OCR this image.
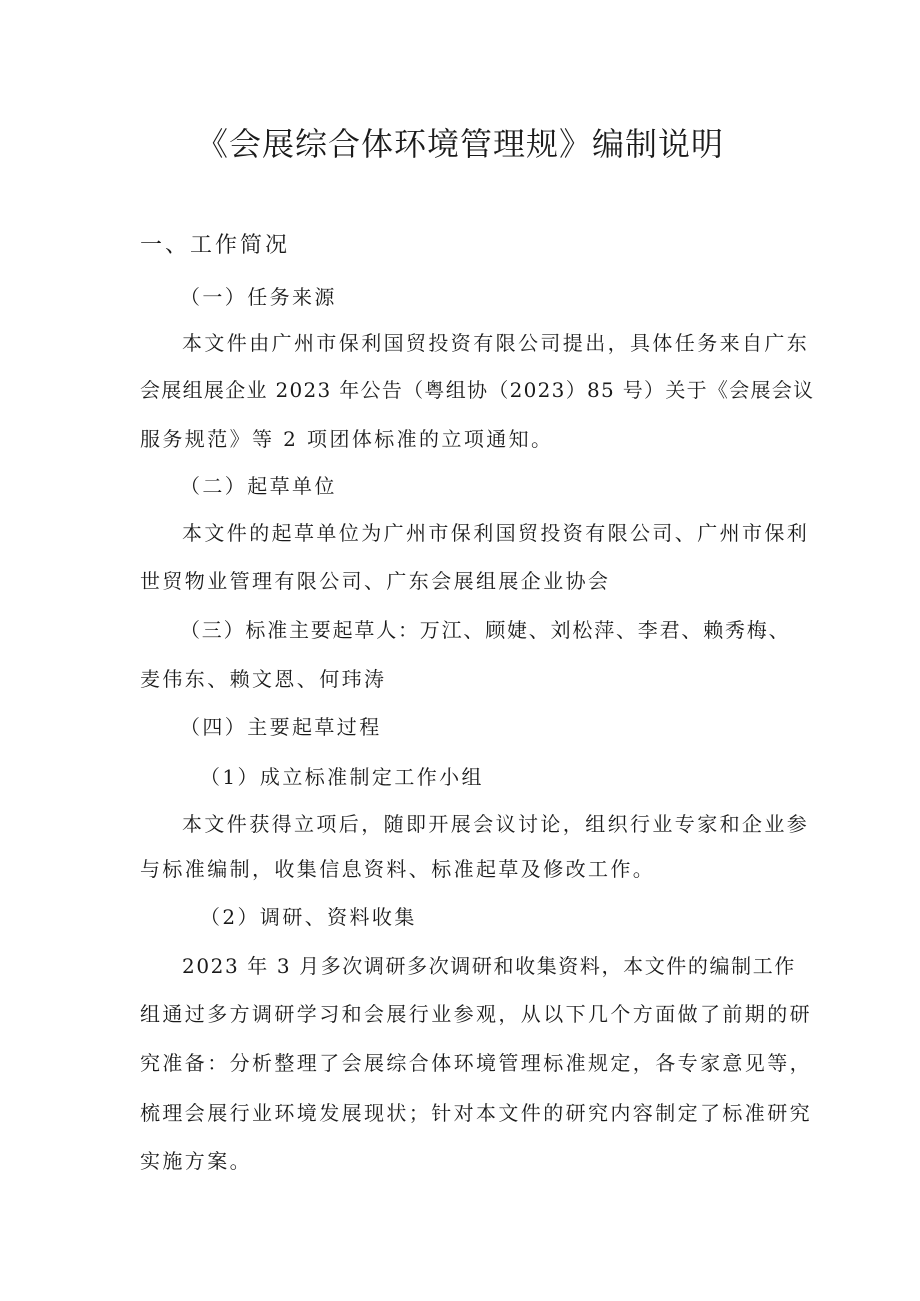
《会展综合体环境管理规》编制说明
一、工作简况
（一）任务来源
本文件由广州市保利国贸投资有限公司提出，具体任务来自广东
会展组展企业 2023 年公告（粤组协（2023）85 号）关于《会展会议
服务规范》等 2 项团体标准的立项通知。
（二）起草单位
本文件的起草单位为广州市保利国贸投资有限公司、广州市保利
世贸物业管理有限公司、广东会展组展企业协会
（三）标准主要起草人：万江、顾婕、刘松萍、李君、赖秀梅、
麦伟东、赖文恩、何玮涛
（四）主要起草过程
（1）成立标准制定工作小组
本文件获得立项后，随即开展会议讨论，组织行业专家和企业参
与标准编制，收集信息资料、标准起草及修改工作。
（2）调研、资料收集
2023 年 3 月多次调研多次调研和收集资料，本文件的编制工作
组通过多方调研学习和会展行业参观，从以下几个方面做了前期的研
究准备：分析整理了会展综合体环境管理标准规定，各专家意见等，
梳理会展行业环境发展现状；针对本文件的研究内容制定了标准研究
实施方案。
